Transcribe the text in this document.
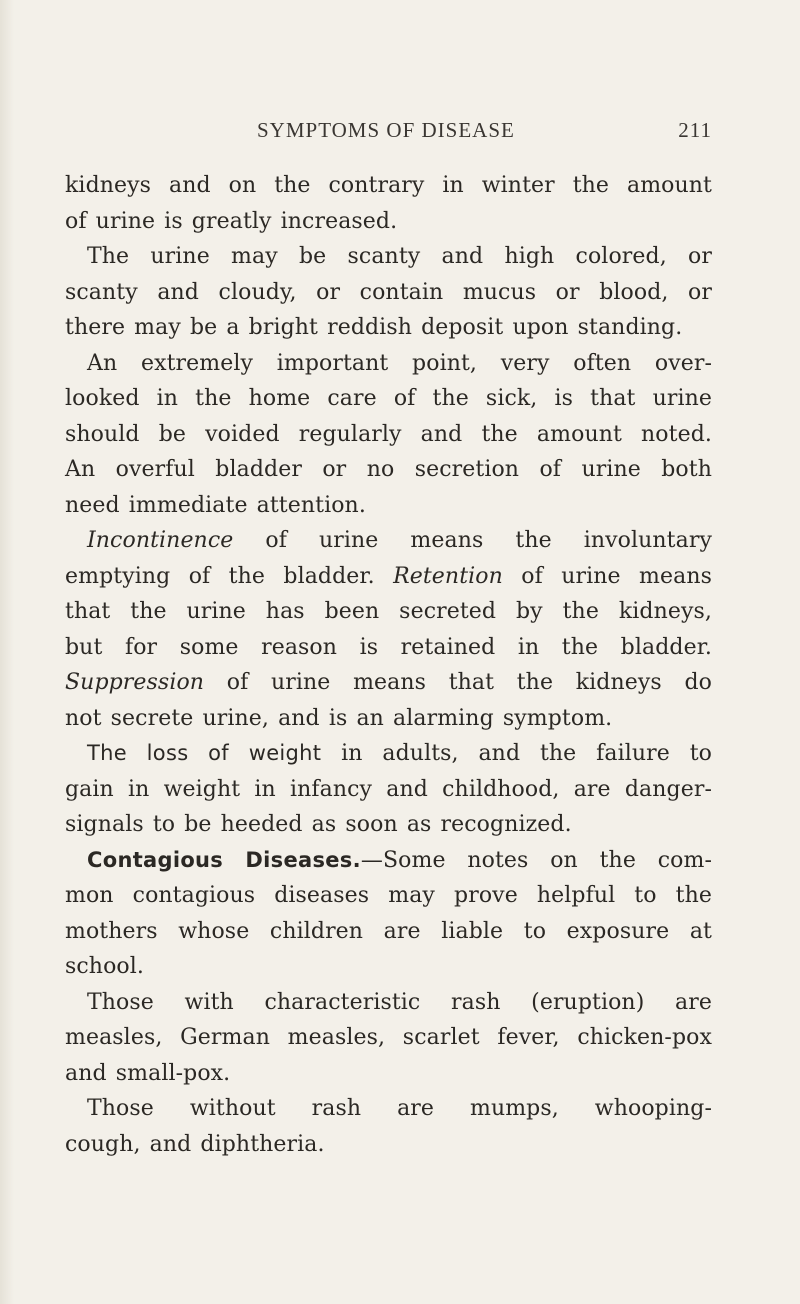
SYMPTOMS OF DISEASE	211
kidneys and on the contrary in winter the amount
of urine is greatly increased.
The urine may be scanty and high colored, or
scanty and cloudy, or contain mucus or blood, or
there may be a bright reddish deposit upon standing.
An extremely important point, very often over-
looked in the home care of the sick, is that urine
should be voided regularly and the amount noted.
An overful bladder or no secretion of urine both
need immediate attention.
Incontinence of urine means the involuntary
emptying of the bladder. Retention of urine means
that the urine has been secreted by the kidneys,
but for some reason is retained in the bladder.
Suppression of urine means that the kidneys do
not secrete urine, and is an alarming symptom.
The loss of weight in adults, and the failure to
gain in weight in infancy and childhood, are danger-
signals to be heeded as soon as recognized.
Contagious Diseases.—Some notes on the com-
mon contagious diseases may prove helpful to the
mothers whose children are liable to exposure at
school.
Those with characteristic rash (eruption) are
measles, German measles, scarlet fever, chicken-pox
and small-pox.
Those without rash are mumps, whooping-
cough, and diphtheria.
